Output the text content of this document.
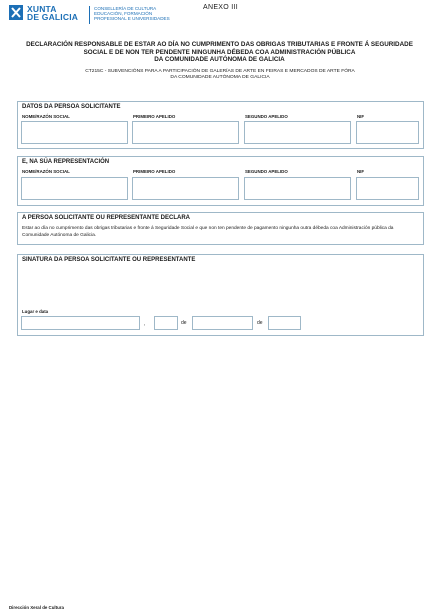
XUNTA
DE GALICIA
CONSELLERÍA DE CULTURA
EDUCACIÓN, FORMACIÓN
PROFESIONAL E UNIVERSIDADES
ANEXO III
DECLARACIÓN RESPONSABLE DE ESTAR AO DÍA NO CUMPRIMENTO DAS OBRIGAS TRIBUTARIAS E FRONTE Á SEGURIDADE
SOCIAL E DE NON TER PENDENTE NINGUNHA DÉBEDA COA ADMINISTRACIÓN PÚBLICA
DA COMUNIDADE AUTÓNOMA DE GALICIA
CT215C - SUBVENCIÓNS PARA A PARTICIPACIÓN DE GALERÍAS DE ARTE EN FEIRAS E MERCADOS DE ARTE FÓRA
DA COMUNIDADE AUTÓNOMA DE GALICIA
DATOS DA PERSOA SOLICITANTE
NOME/RAZÓN SOCIAL	PRIMEIRO APELIDO	SEGUNDO APELIDO	NIF
E, NA SÚA REPRESENTACIÓN
NOME/RAZÓN SOCIAL	PRIMEIRO APELIDO	SEGUNDO APELIDO	NIF
A PERSOA SOLICITANTE OU REPRESENTANTE DECLARA
Estar ao día no cumprimento das obrigas tributarias e fronte á Seguridade Social e que non ten pendente de pagamento ningunha outra débeda coa Administración pública da Comunidade Autónoma de Galicia.
SINATURA DA PERSOA SOLICITANTE OU REPRESENTANTE
Lugar e data
,	de	de
Dirección Xeral de Cultura
